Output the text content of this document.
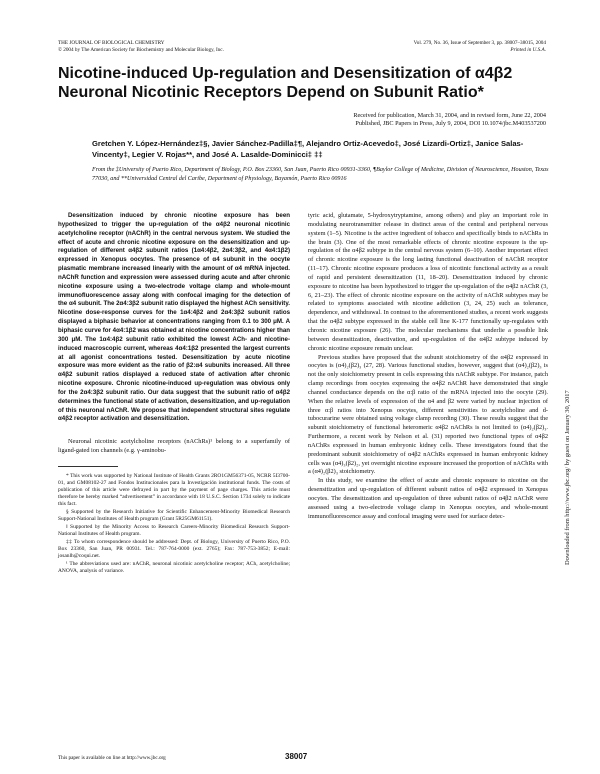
THE JOURNAL OF BIOLOGICAL CHEMISTRY
© 2004 by The American Society for Biochemistry and Molecular Biology, Inc.
Vol. 279, No. 36, Issue of September 3, pp. 38007–38015, 2004
Printed in U.S.A.
Nicotine-induced Up-regulation and Desensitization of α4β2 Neuronal Nicotinic Receptors Depend on Subunit Ratio*
Received for publication, March 31, 2004, and in revised form, June 22, 2004
Published, JBC Papers in Press, July 9, 2004, DOI 10.1074/jbc.M403537200
Gretchen Y. López-Hernández‡§, Javier Sánchez-Padilla‡¶, Alejandro Ortiz-Acevedo‡, José Lizardi-Ortiz‡, Janice Salas-Vincenty‡, Legier V. Rojas**, and José A. Lasalde-Dominicci‡ ‡‡
From the ‡University of Puerto Rico, Department of Biology, P.O. Box 23360, San Juan, Puerto Rico 00931-3360, ¶Baylor College of Medicine, Division of Neuroscience, Houston, Texas 77030, and **Universidad Central del Caribe, Department of Physiology, Bayamón, Puerto Rico 00916

Desensitization induced by chronic nicotine exposure has been hypothesized to trigger the up-regulation of the α4β2 neuronal nicotinic acetylcholine receptor (nAChR) in the central nervous system. We studied the effect of acute and chronic nicotine exposure on the desensitization and up-regulation of different α4β2 subunit ratios (1α4:4β2, 2α4:3β2, and 4α4:1β2) expressed in Xenopus oocytes. The presence of α4 subunit in the oocyte plasmatic membrane increased linearly with the amount of α4 mRNA injected. nAChR function and expression were assessed during acute and after chronic nicotine exposure using a two-electrode voltage clamp and whole-mount immunofluorescence assay along with confocal imaging for the detection of the α4 subunit. The 2α4:3β2 subunit ratio displayed the highest ACh sensitivity. Nicotine dose-response curves for the 1α4:4β2 and 2α4:3β2 subunit ratios displayed a biphasic behavior at concentrations ranging from 0.1 to 300 μM. A biphasic curve for 4α4:1β2 was obtained at nicotine concentrations higher than 300 μM. The 1α4:4β2 subunit ratio exhibited the lowest ACh- and nicotine-induced macroscopic current, whereas 4α4:1β2 presented the largest currents at all agonist concentrations tested. Desensitization by acute nicotine exposure was more evident as the ratio of β2:α4 subunits increased. All three α4β2 subunit ratios displayed a reduced state of activation after chronic nicotine exposure. Chronic nicotine-induced up-regulation was obvious only for the 2α4:3β2 subunit ratio. Our data suggest that the subunit ratio of α4β2 determines the functional state of activation, desensitization, and up-regulation of this neuronal nAChR. We propose that independent structural sites regulate α4β2 receptor activation and desensitization.

Neuronal nicotinic acetylcholine receptors (nAChRs)¹ belong to a superfamily of ligand-gated ion channels (e.g. γ-aminobu-

* This work was supported by National Institute of Health Grants 2RO1GM56371-05, NCRR 5I3700-01, and GM08102-27 and Fondos Institucionales para la Investigación institutional funds. The costs of publication of this article were defrayed in part by the payment of page charges. This article must therefore be hereby marked “advertisement” in accordance with 18 U.S.C. Section 1734 solely to indicate this fact.

§ Supported by the Research Initiative for Scientific Enhancement-Minority Biomedical Research Support-National Institutes of Health program (Grant 5R25GM61151).

‖ Supported by the Minority Access to Research Careers-Minority Biomedical Research Support-National Institutes of Health program.

‡‡ To whom correspondence should be addressed: Dept. of Biology, University of Puerto Rico, P.O. Box 23360, San Juan, PR 00931. Tel.: 787-764-0000 (ext. 2765); Fax: 787-753-3852; E-mail: josanlh@coqui.net.

¹ The abbreviations used are: nAChR, neuronal nicotinic acetylcholine receptor; ACh, acetylcholine; ANOVA, analysis of variance.

tyric acid, glutamate, 5-hydroxytryptamine, among others) and play an important role in modulating neurotransmitter release in distinct areas of the central and peripheral nervous system (1–5). Nicotine is the active ingredient of tobacco and specifically binds to nAChRs in the brain (3). One of the most remarkable effects of chronic nicotine exposure is the up-regulation of the α4β2 subtype in the central nervous system (6–10). Another important effect of chronic nicotine exposure is the long lasting functional deactivation of nAChR receptor (11–17). Chronic nicotine exposure produces a loss of nicotinic functional activity as a result of rapid and persistent desensitization (11, 18–20). Desensitization induced by chronic exposure to nicotine has been hypothesized to trigger the up-regulation of the α4β2 nAChR (3, 6, 21–23). The effect of chronic nicotine exposure on the activity of nAChR subtypes may be related to symptoms associated with nicotine addiction (3, 24, 25) such as tolerance, dependence, and withdrawal. In contrast to the aforementioned studies, a recent work suggests that the α4β2 subtype expressed in the stable cell line K-177 functionally up-regulates with chronic nicotine exposure (26). The molecular mechanisms that underlie a possible link between desensitization, deactivation, and up-regulation of the α4β2 subtype induced by chronic nicotine exposure remain unclear.

Previous studies have proposed that the subunit stoichiometry of the α4β2 expressed in oocytes is (α4)₂(β2)₃ (27, 28). Various functional studies, however, suggest that (α4)₂(β2)₃ is not the only stoichiometry present in cells expressing this nAChR subtype. For instance, patch clamp recordings from oocytes expressing the α4β2 nAChR have demonstrated that single channel conductance depends on the α:β ratio of the mRNA injected into the oocyte (29). When the relative levels of expression of the α4 and β2 were varied by nuclear injection of three α:β ratios into Xenopus oocytes, different sensitivities to acetylcholine and d-tubocurarine were obtained using voltage clamp recording (30). These results suggest that the subunit stoichiometry of functional heteromeric α4β2 nAChRs is not limited to (α4)₂(β2)₃. Furthermore, a recent work by Nelson et al. (31) reported two functional types of α4β2 nAChRs expressed in human embryonic kidney cells. These investigators found that the predominant subunit stoichiometry of α4β2 nAChRs expressed in human embryonic kidney cells was (α4)₃(β2)₂, yet overnight nicotine exposure increased the proportion of nAChRs with a (α4)₂(β2)₃ stoichiometry.

In this study, we examine the effect of acute and chronic exposure to nicotine on the desensitization and up-regulation of different subunit ratios of α4β2 expressed in Xenopus oocytes. The desensitization and up-regulation of three subunit ratios of α4β2 nAChR were assessed using a two-electrode voltage clamp in Xenopus oocytes, and whole-mount immunofluorescence assay and confocal imaging were used for surface detec-	Downloaded from http://www.jbc.org/ by guest on January 30, 2017
This paper is available on line at http://www.jbc.org	38007
